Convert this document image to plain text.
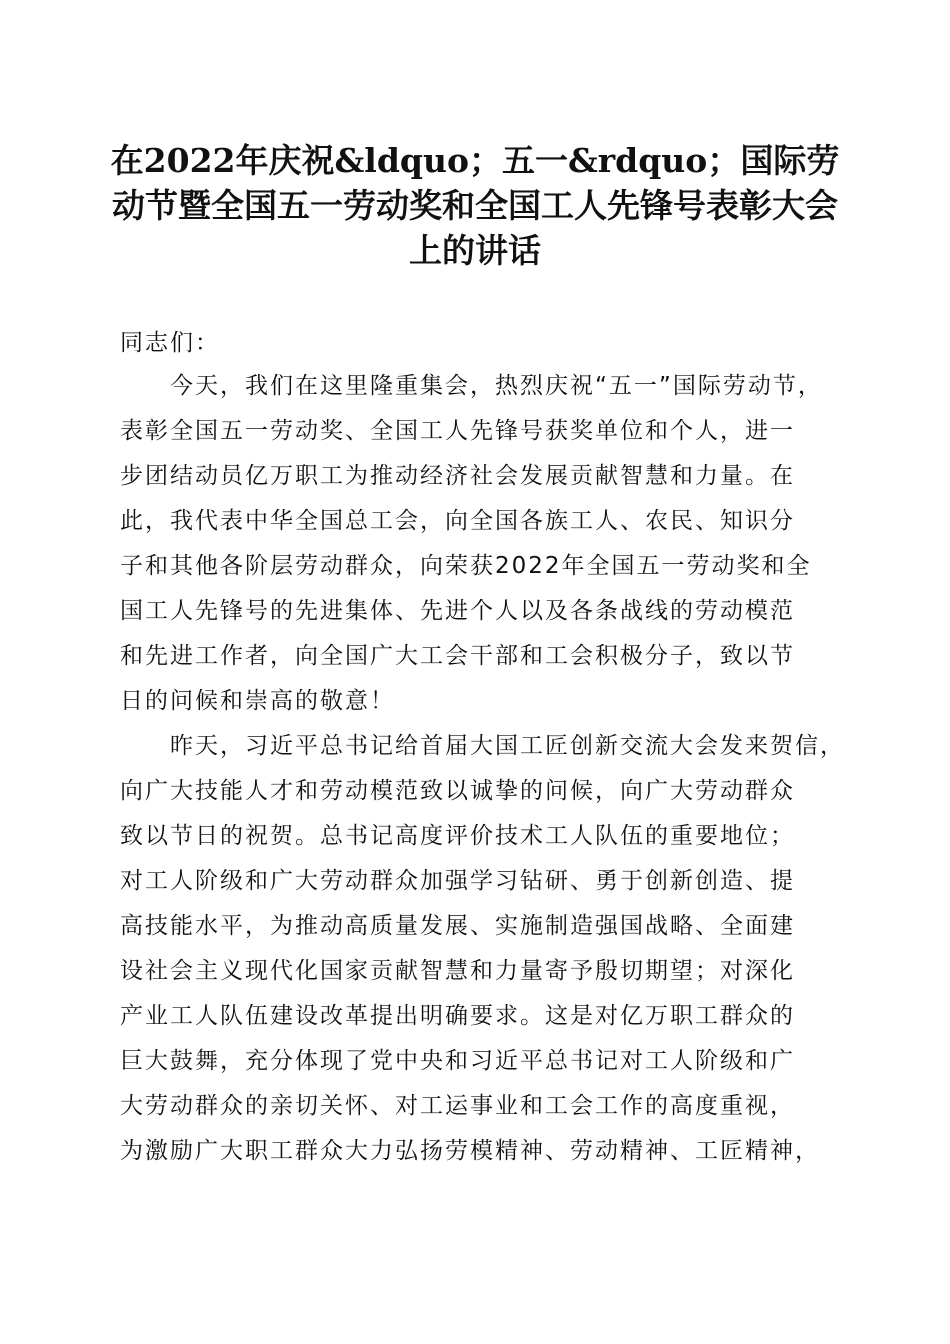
在2022年庆祝&ldquo；五一&rdquo；国际劳动节暨全国五一劳动奖和全国工人先锋号表彰大会上的讲话
同志们：
　　今天，我们在这里隆重集会，热烈庆祝“五一”国际劳动节，
表彰全国五一劳动奖、全国工人先锋号获奖单位和个人，进一
步团结动员亿万职工为推动经济社会发展贡献智慧和力量。在
此，我代表中华全国总工会，向全国各族工人、农民、知识分
子和其他各阶层劳动群众，向荣获2022年全国五一劳动奖和全
国工人先锋号的先进集体、先进个人以及各条战线的劳动模范
和先进工作者，向全国广大工会干部和工会积极分子，致以节
日的问候和崇高的敬意！
　　昨天，习近平总书记给首届大国工匠创新交流大会发来贺信，
向广大技能人才和劳动模范致以诚挚的问候，向广大劳动群众
致以节日的祝贺。总书记高度评价技术工人队伍的重要地位；
对工人阶级和广大劳动群众加强学习钻研、勇于创新创造、提
高技能水平，为推动高质量发展、实施制造强国战略、全面建
设社会主义现代化国家贡献智慧和力量寄予殷切期望；对深化
产业工人队伍建设改革提出明确要求。这是对亿万职工群众的
巨大鼓舞，充分体现了党中央和习近平总书记对工人阶级和广
大劳动群众的亲切关怀、对工运事业和工会工作的高度重视，
为激励广大职工群众大力弘扬劳模精神、劳动精神、工匠精神，
